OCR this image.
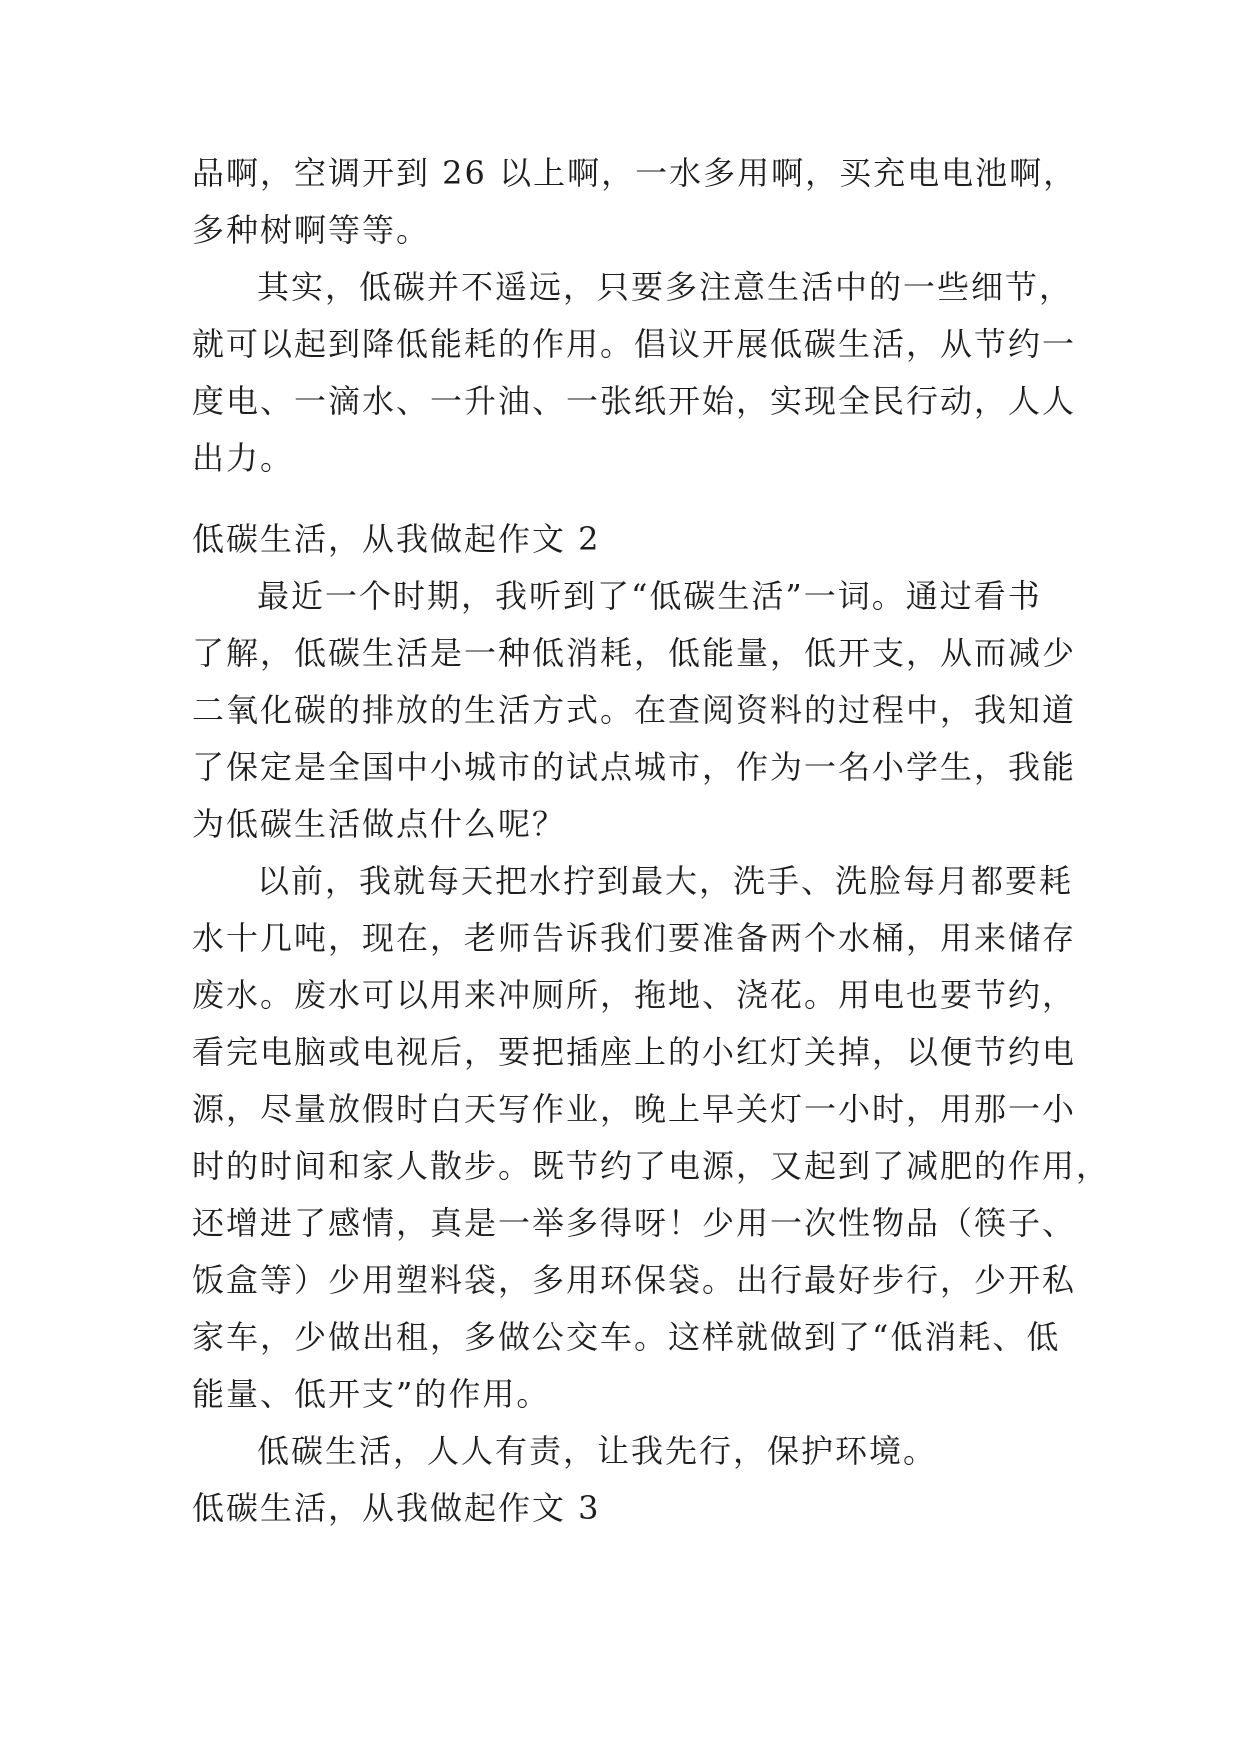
品啊，空调开到 26 以上啊，一水多用啊，买充电电池啊，
多种树啊等等。
其实，低碳并不遥远，只要多注意生活中的一些细节，
就可以起到降低能耗的作用。倡议开展低碳生活，从节约一
度电、一滴水、一升油、一张纸开始，实现全民行动，人人
出力。
低碳生活，从我做起作文 2
最近一个时期，我听到了“低碳生活”一词。通过看书
了解，低碳生活是一种低消耗，低能量，低开支，从而减少
二氧化碳的排放的生活方式。在查阅资料的过程中，我知道
了保定是全国中小城市的试点城市，作为一名小学生，我能
为低碳生活做点什么呢？
以前，我就每天把水拧到最大，洗手、洗脸每月都要耗
水十几吨，现在，老师告诉我们要准备两个水桶，用来储存
废水。废水可以用来冲厕所，拖地、浇花。用电也要节约，
看完电脑或电视后，要把插座上的小红灯关掉，以便节约电
源，尽量放假时白天写作业，晚上早关灯一小时，用那一小
时的时间和家人散步。既节约了电源，又起到了减肥的作用，
还增进了感情，真是一举多得呀！少用一次性物品（筷子、
饭盒等）少用塑料袋，多用环保袋。出行最好步行，少开私
家车，少做出租，多做公交车。这样就做到了“低消耗、低
能量、低开支”的作用。
低碳生活，人人有责，让我先行，保护环境。
低碳生活，从我做起作文 3
